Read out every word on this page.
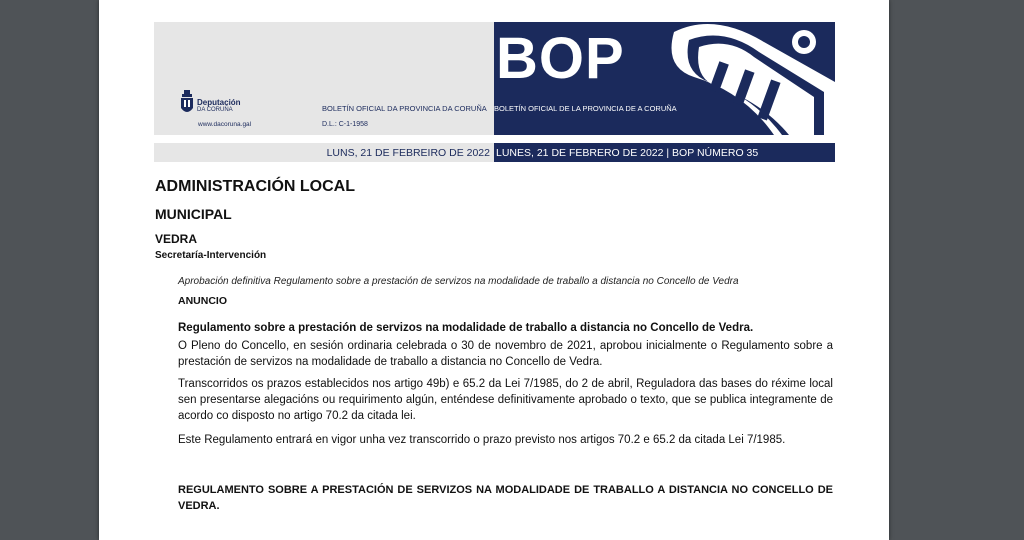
Deputación
DA CORUÑA
www.dacoruna.gal
BOP
BOLETÍN OFICIAL DA PROVINCIA DA CORUÑA
D.L.: C-1-1958
BOLETÍN OFICIAL DE LA PROVINCIA DE A CORUÑA
LUNS, 21 DE FEBREIRO DE 2022 LUNES, 21 DE FEBRERO DE 2022 | BOP NÚMERO 35
ADMINISTRACIÓN LOCAL
MUNICIPAL
VEDRA
Secretaría-Intervención
Aprobación definitiva Regulamento sobre a prestación de servizos na modalidade de traballo a distancia no Concello de Vedra
ANUNCIO
Regulamento sobre a prestación de servizos na modalidade de traballo a distancia no Concello de Vedra.
O Pleno do Concello, en sesión ordinaria celebrada o 30 de novembro de 2021, aprobou inicialmente o Regulamento sobre a prestación de servizos na modalidade de traballo a distancia no Concello de Vedra.
Transcorridos os prazos establecidos nos artigo 49b) e 65.2 da Lei 7/1985, do 2 de abril, Reguladora das bases do réxime local sen presentarse alegacións ou requirimento algún, enténdese definitivamente aprobado o texto, que se publica integramente de acordo co disposto no artigo 70.2 da citada lei.
Este Regulamento entrará en vigor unha vez transcorrido o prazo previsto nos artigos 70.2 e 65.2 da citada Lei 7/1985.
REGULAMENTO SOBRE A PRESTACIÓN DE SERVIZOS NA MODALIDADE DE TRABALLO A DISTANCIA NO CONCELLO DE VEDRA.
